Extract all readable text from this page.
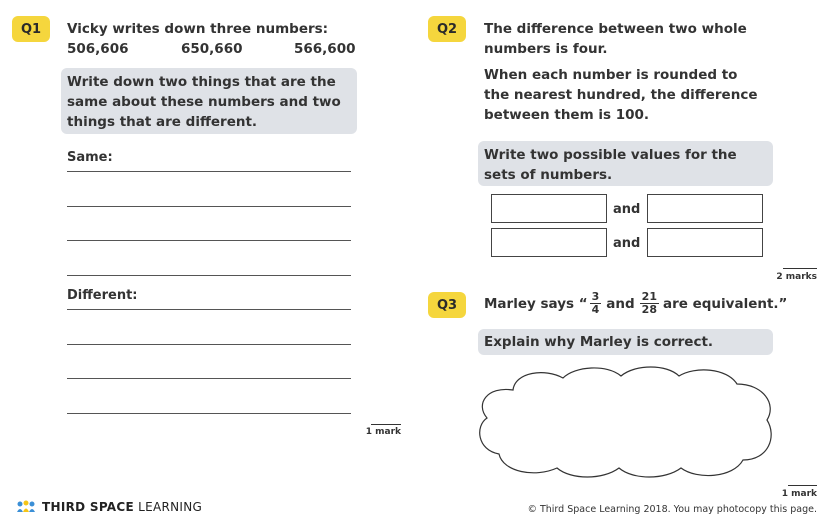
Q1	Vicky writes down three numbers:
506,606	650,660	566,600
Write down two things that are the same about these numbers and two things that are different.
Same:
Different:
1 mark
Q2	The difference between two whole numbers is four.
When each number is rounded to the nearest hundred, the difference between them is 100.
Write two possible values for the sets of numbers.
and
and
2 marks
Q3	Marley says “ $\frac{3}{4}$ and $\frac{21}{28}$ are equivalent.”
Explain why Marley is correct.
1 mark
THIRD SPACE LEARNING	© Third Space Learning 2018. You may photocopy this page.
